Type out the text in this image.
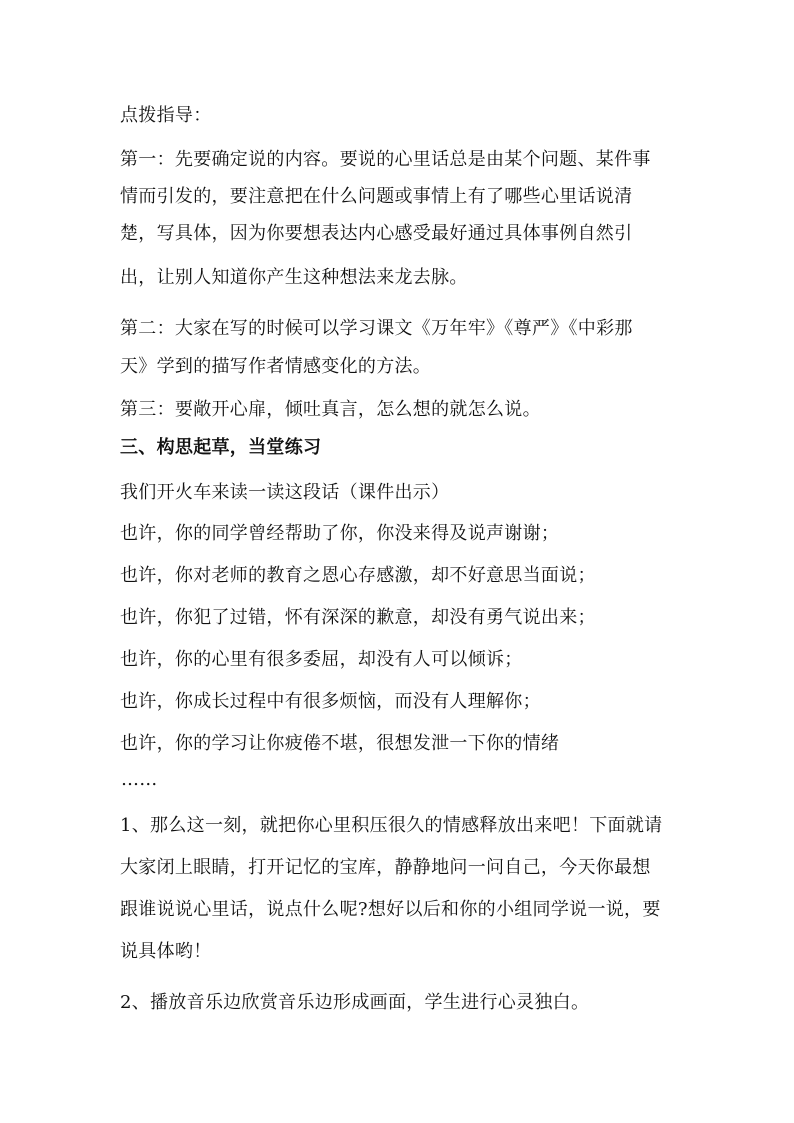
点拨指导：
第一：先要确定说的内容。要说的心里话总是由某个问题、某件事
情而引发的，要注意把在什么问题或事情上有了哪些心里话说清
楚，写具体，因为你要想表达内心感受最好通过具体事例自然引
出，让别人知道你产生这种想法来龙去脉。
第二：大家在写的时候可以学习课文《万年牢》《尊严》《中彩那
天》学到的描写作者情感变化的方法。
第三：要敞开心扉，倾吐真言，怎么想的就怎么说。
三、构思起草，当堂练习
我们开火车来读一读这段话（课件出示）
也许，你的同学曾经帮助了你，你没来得及说声谢谢；
也许，你对老师的教育之恩心存感激，却不好意思当面说；
也许，你犯了过错，怀有深深的歉意，却没有勇气说出来；
也许，你的心里有很多委屈，却没有人可以倾诉；
也许，你成长过程中有很多烦恼，而没有人理解你；
也许，你的学习让你疲倦不堪，很想发泄一下你的情绪
……
1、那么这一刻，就把你心里积压很久的情感释放出来吧！下面就请
大家闭上眼睛，打开记忆的宝库，静静地问一问自己，今天你最想
跟谁说说心里话，说点什么呢?想好以后和你的小组同学说一说，要
说具体哟！
2、播放音乐边欣赏音乐边形成画面，学生进行心灵独白。
